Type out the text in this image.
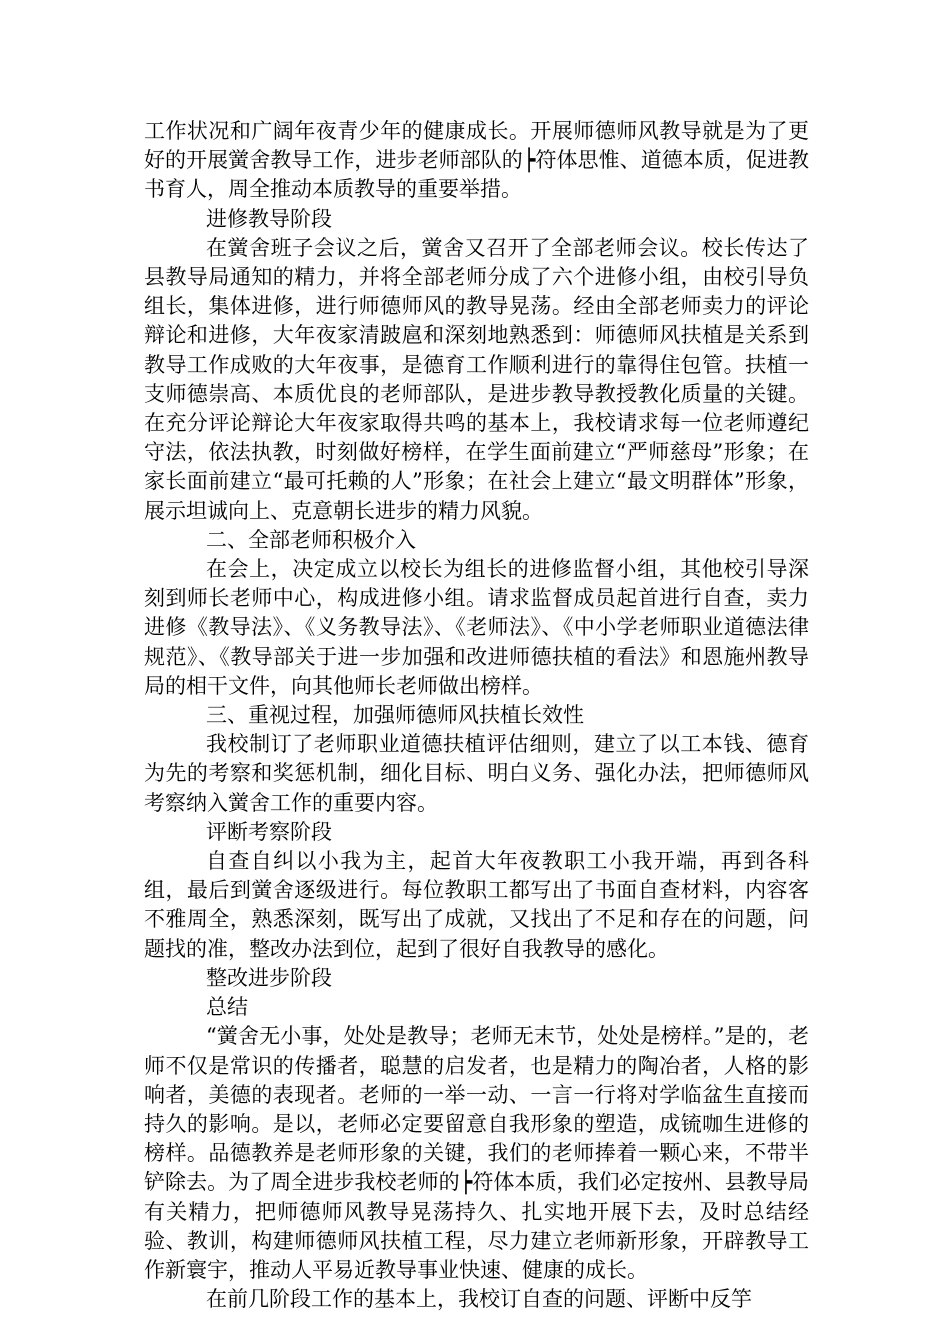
工作状况和广阔年夜青少年的健康成长。开展师德师风教导就是为了更好的开展黉舍教导工作，进步老师部队的┝符体思惟、道德本质，促进教书育人，周全推动本质教导的重要举措。

进修教导阶段

在黉舍班子会议之后，黉舍又召开了全部老师会议。校长传达了县教导局通知的精力，并将全部老师分成了六个进修小组，由校引导负组长，集体进修，进行师德师风的教导晃荡。经由全部老师卖力的评论辩论和进修，大年夜家清跛扈和深刻地熟悉到：师德师风扶植是关系到教导工作成败的大年夜事，是德育工作顺利进行的靠得住包管。扶植一支师德崇高、本质优良的老师部队，是进步教导教授教化质量的关键。在充分评论辩论大年夜家取得共鸣的基本上，我校请求每一位老师遵纪守法，依法执教，时刻做好榜样，在学生面前建立“严师慈母”形象；在家长面前建立“最可托赖的人”形象；在社会上建立“最文明群体”形象，展示坦诚向上、克意朝长进步的精力风貌。

二、全部老师积极介入

在会上，决定成立以校长为组长的进修监督小组，其他校引导深刻到师长老师中心，构成进修小组。请求监督成员起首进行自查，卖力进修《教导法》、《义务教导法》、《老师法》、《中小学老师职业道德法律规范》、《教导部关于进一步加强和改进师德扶植的看法》和恩施州教导局的相干文件，向其他师长老师做出榜样。

三、重视过程，加强师德师风扶植长效性

我校制订了老师职业道德扶植评估细则，建立了以工本钱、德育为先的考察和奖惩机制，细化目标、明白义务、强化办法，把师德师风考察纳入黉舍工作的重要内容。

评断考察阶段

自查自纠以小我为主，起首大年夜教职工小我开端，再到各科组，最后到黉舍逐级进行。每位教职工都写出了书面自查材料，内容客不雅周全，熟悉深刻，既写出了成就，又找出了不足和存在的问题，问题找的准，整改办法到位，起到了很好自我教导的感化。

整改进步阶段

总结

“黉舍无小事，处处是教导；老师无末节，处处是榜样。”是的，老师不仅是常识的传播者，聪慧的启发者，也是精力的陶冶者，人格的影响者，美德的表现者。老师的一举一动、一言一行将对学临盆生直接而持久的影响。是以，老师必定要留意自我形象的塑造，成锍咖生进修的榜样。品德教养是老师形象的关键，我们的老师捧着一颗心来，不带半铲除去。为了周全进步我校老师的┝符体本质，我们必定按州、县教导局有关精力，把师德师风教导晃荡持久、扎实地开展下去，及时总结经验、教训，构建师德师风扶植工程，尽力建立老师新形象，开辟教导工作新寰宇，推动人平易近教导事业快速、健康的成长。

在前几阶段工作的基本上，我校订自查的问题、评断中反竽
